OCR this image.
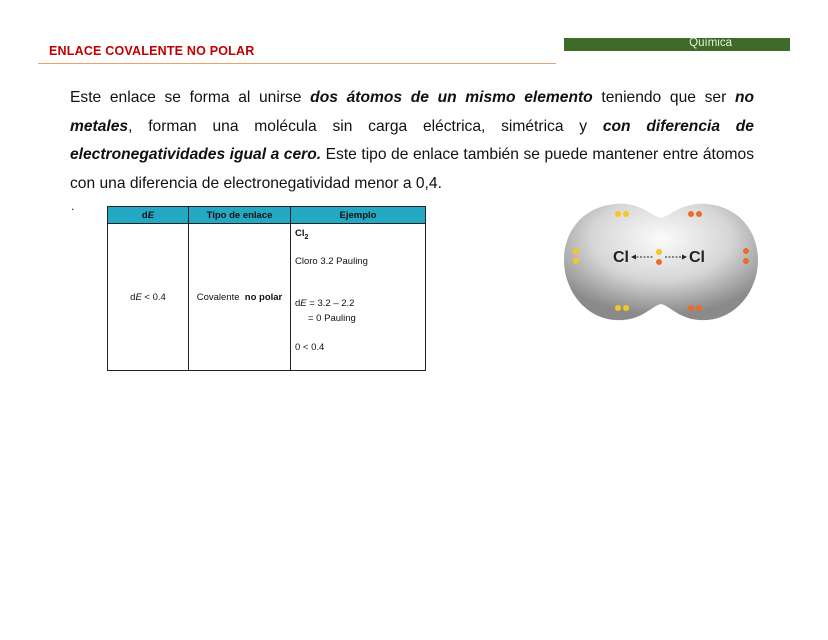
ENLACE COVALENTE NO POLAR
Química
Este enlace se forma al unirse dos átomos de un mismo elemento teniendo que ser no metales, forman una molécula sin carga eléctrica, simétrica y con diferencia de electronegatividades igual a cero. Este tipo de enlace también se puede mantener entre átomos con una diferencia de electronegatividad menor a 0,4.
.
dE	Tipo de enlace	Ejemplo
dE < 0.4	Covalente  no polar	$Cl_2$
Cloro 3.2 Pauling
dE = 3.2 – 2.2
= 0 Pauling
0 < 0.4
Cl	Cl
